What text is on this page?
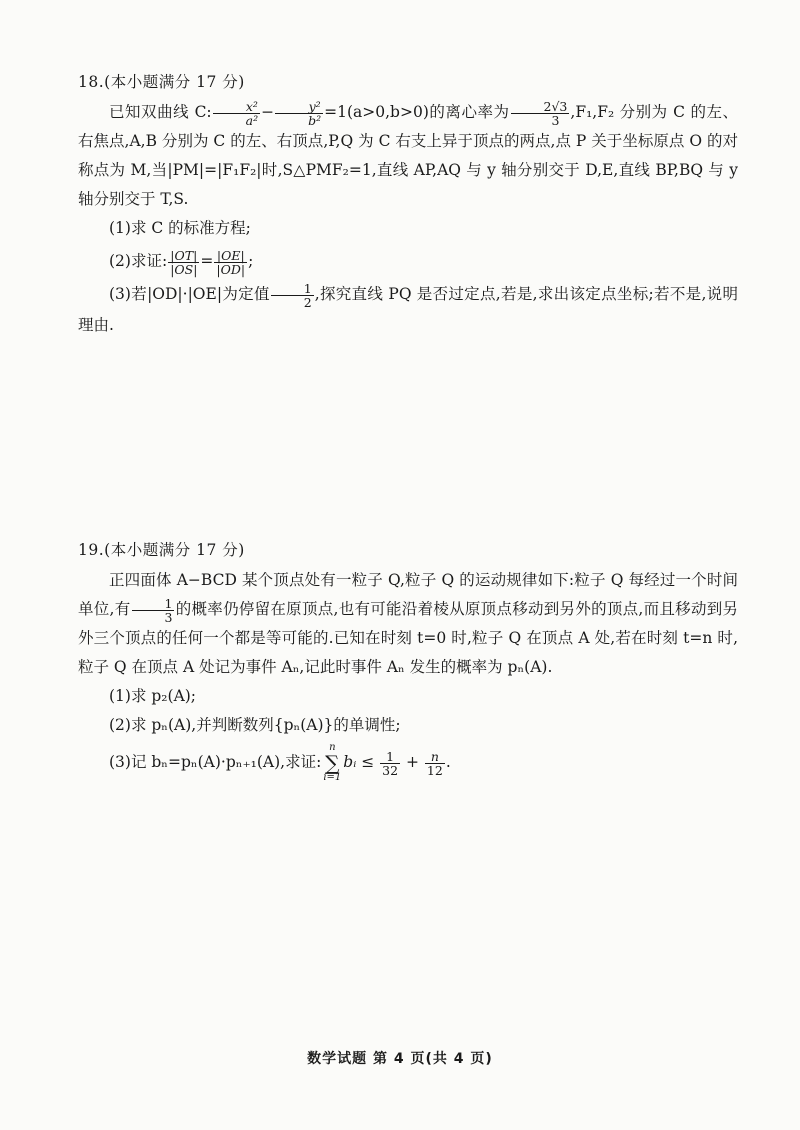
18.(本小题满分 17 分)

已知双曲线 C: $\frac{\text{x²}}{\text{a²}} - \frac{\text{y²}}{\text{b²}} =1(a>0,b>0)$的离心率为 $\frac{2√3}{3} ,F_1,F_2$ 分别为 C 的左、右焦点,A,B 分别为 C 的左、右顶点,P,Q 为 C 右支上异于顶点的两点,点 P 关于坐标原点 O 的对称点为 M,当|PM|=|F₁F₂|时,S△PMF₂=1,直线 AP,AQ 与 y 轴分别交于 D,E,直线 BP,BQ 与 y 轴分别交于 T,S.

(1)求 C 的标准方程;
(2)求证: $\frac{|OT|}{|OS|} = \frac{|OE|}{|OD|}$ ;

(3)若|OD|·|OE|为定值 $\frac{1}{2}$ ,探究直线 PQ 是否过定点,若是,求出该定点坐标;若不是,说明理由.

19.(本小题满分 17 分)

正四面体 A−BCD 某个顶点处有一粒子 Q,粒子 Q 的运动规律如下:粒子 Q 每经过一个时间单位,有 $\frac{1}{3}$ 的概率仍停留在原顶点,也有可能沿着棱从原顶点移动到另外的顶点,而且移动到另外三个顶点的任何一个都是等可能的.已知在时刻 t=0 时,粒子 Q 在顶点 A 处,若在时刻 t=n 时,粒子 Q 在顶点 A 处记为事件 Aₙ,记此时事件 Aₙ 发生的概率为 pₙ(A).

(1)求 p₂(A);
(2)求 pₙ(A),并判断数列{pₙ(A)}的单调性;
(3)记 bₙ=pₙ(A)·pₙ₊₁(A),求证:
n
∑
i=1
bᵢ ≤ $\frac{1}{32} + \frac{n}{12}$ .
数学试题 第 4 页(共 4 页)
